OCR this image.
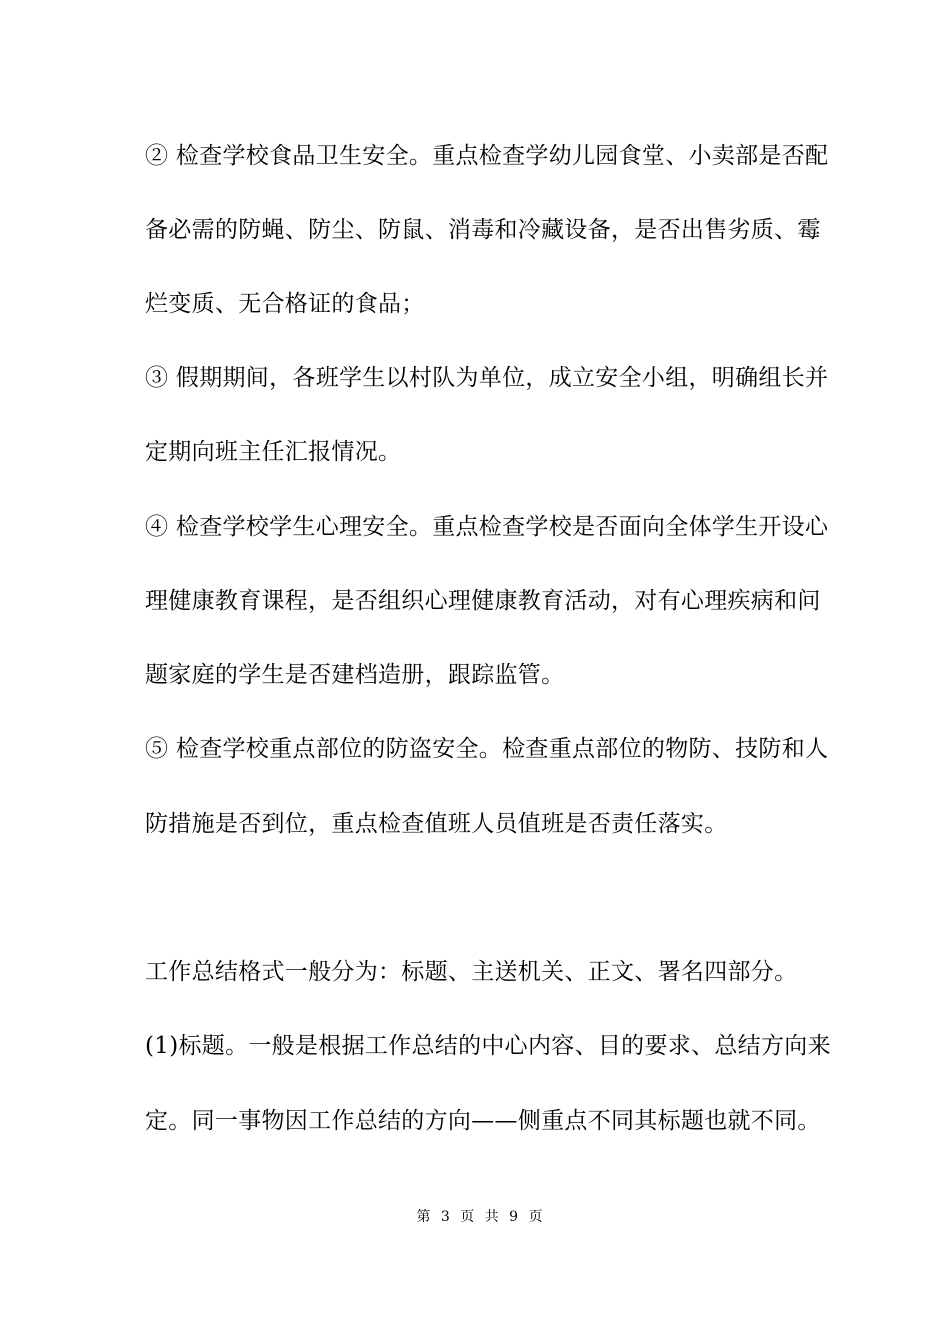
② 检查学校食品卫生安全。重点检查学幼儿园食堂、小卖部是否配
备必需的防蝇、防尘、防鼠、消毒和冷藏设备，是否出售劣质、霉
烂变质、无合格证的食品；
③ 假期期间，各班学生以村队为单位，成立安全小组，明确组长并
定期向班主任汇报情况。
④ 检查学校学生心理安全。重点检查学校是否面向全体学生开设心
理健康教育课程，是否组织心理健康教育活动，对有心理疾病和问
题家庭的学生是否建档造册，跟踪监管。
⑤ 检查学校重点部位的防盗安全。检查重点部位的物防、技防和人
防措施是否到位，重点检查值班人员值班是否责任落实。
工作总结格式一般分为：标题、主送机关、正文、署名四部分。
(1)标题。一般是根据工作总结的中心内容、目的要求、总结方向来
定。同一事物因工作总结的方向——侧重点不同其标题也就不同。
第 3 页 共 9 页
